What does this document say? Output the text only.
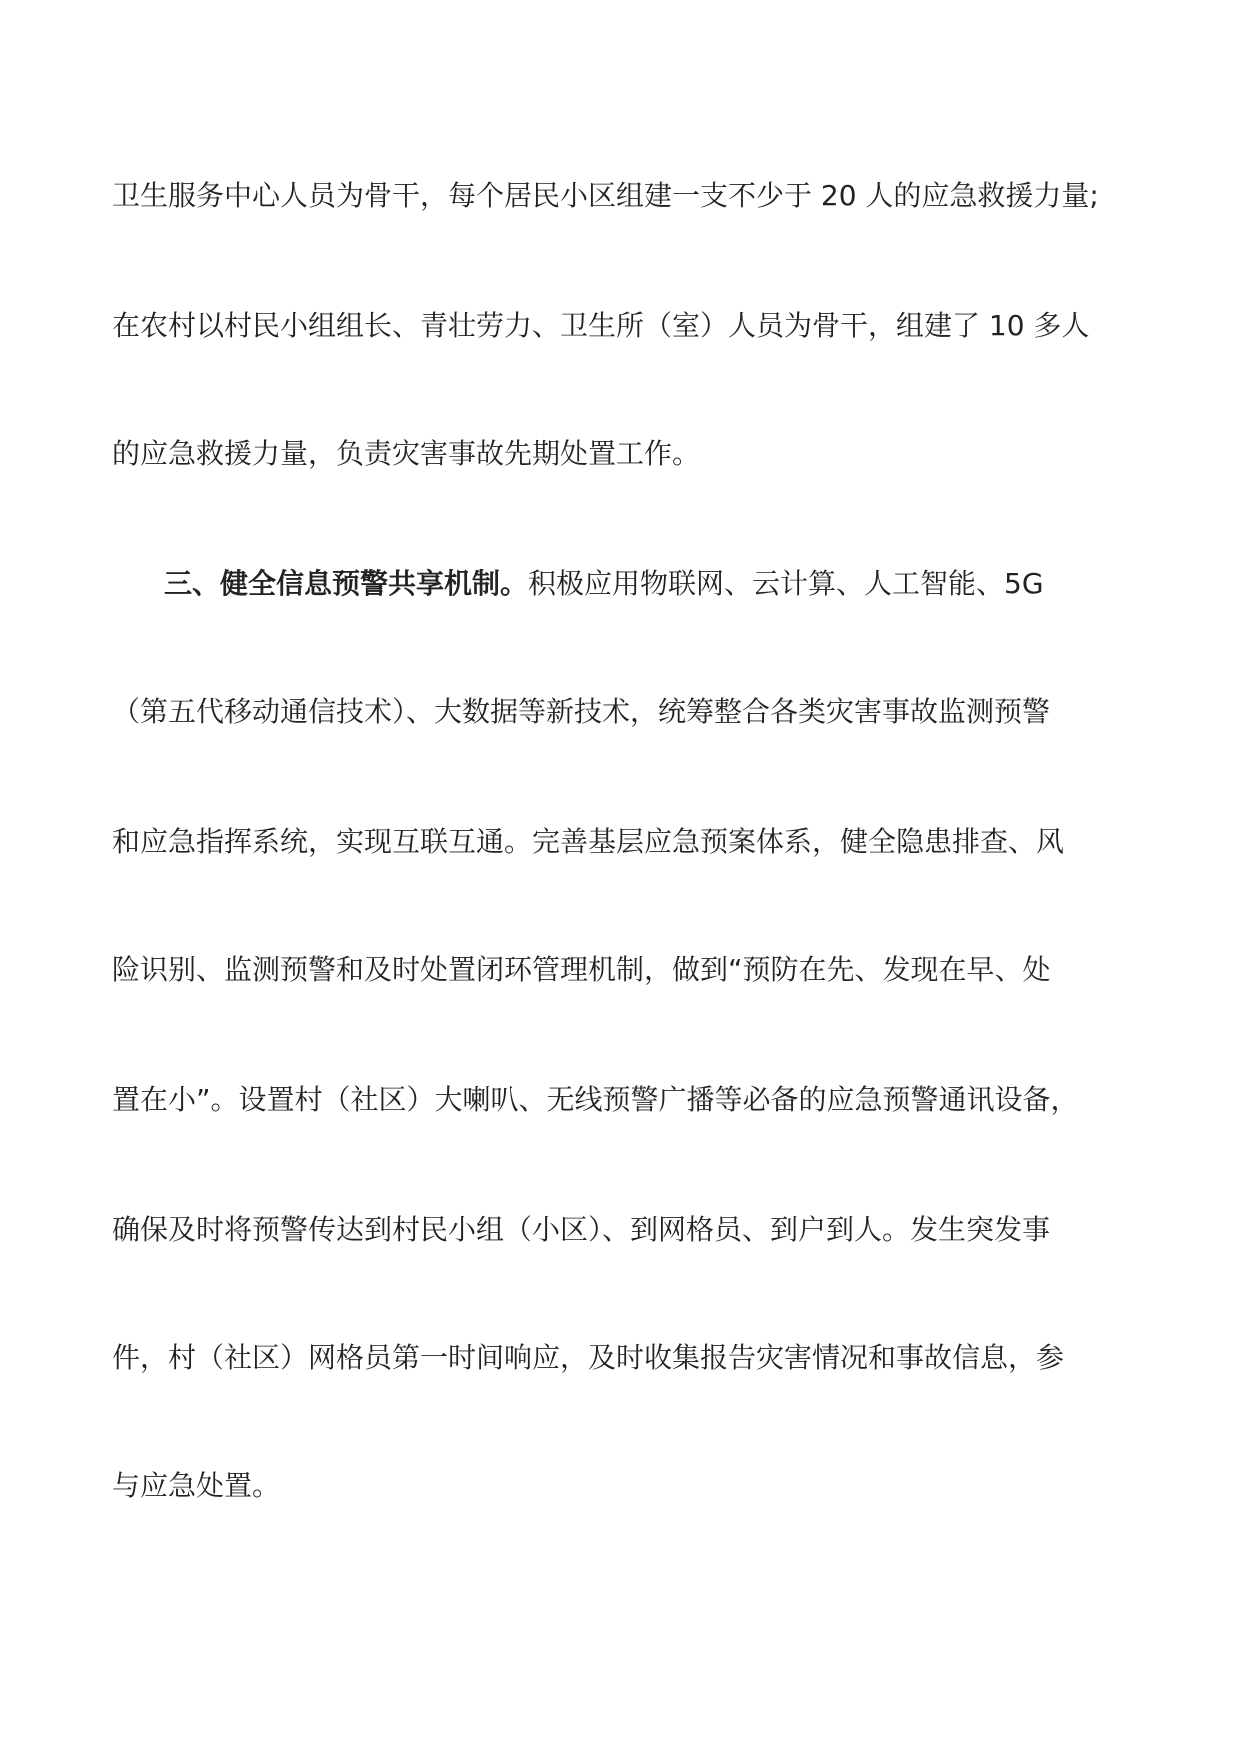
卫生服务中心人员为骨干，每个居民小区组建一支不少于 20 人的应急救援力量;
在农村以村民小组组长、青壮劳力、卫生所（室）人员为骨干，组建了 10 多人
的应急救援力量，负责灾害事故先期处置工作。
三、健全信息预警共享机制。积极应用物联网、云计算、人工智能、5G
（第五代移动通信技术）、大数据等新技术，统筹整合各类灾害事故监测预警
和应急指挥系统，实现互联互通。完善基层应急预案体系，健全隐患排查、风
险识别、监测预警和及时处置闭环管理机制，做到“预防在先、发现在早、处
置在小”。设置村（社区）大喇叭、无线预警广播等必备的应急预警通讯设备，
确保及时将预警传达到村民小组（小区）、到网格员、到户到人。发生突发事
件，村（社区）网格员第一时间响应，及时收集报告灾害情况和事故信息，参
与应急处置。
